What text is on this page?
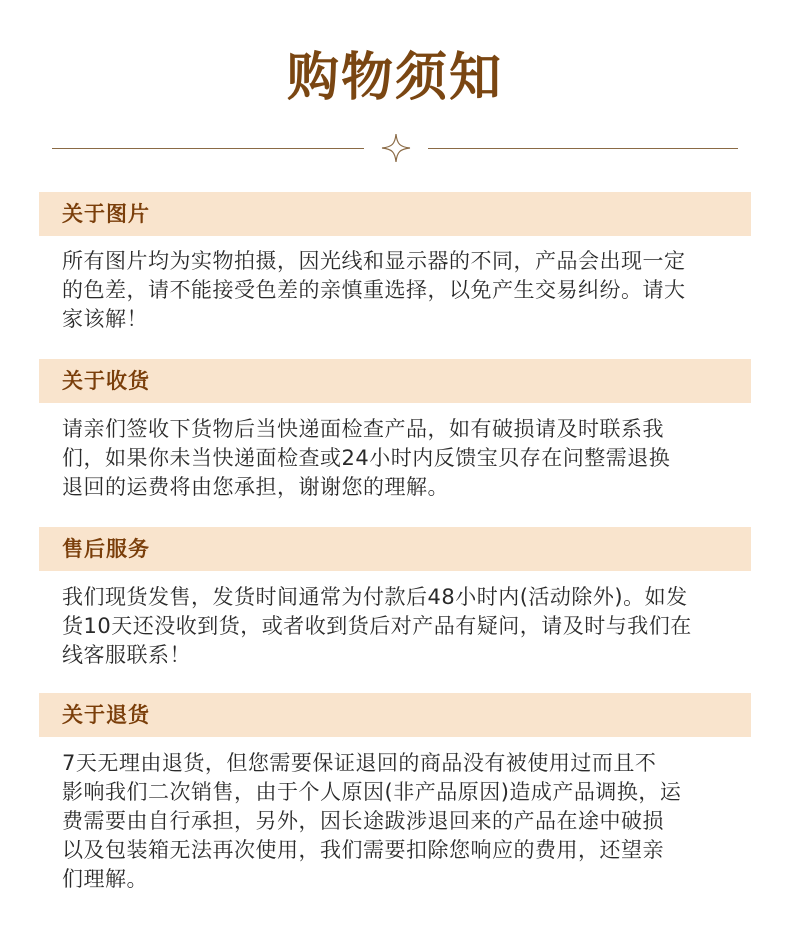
购物须知
关于图片
所有图片均为实物拍摄，因光线和显示器的不同，产品会出现一定
的色差，请不能接受色差的亲慎重选择，以免产生交易纠纷。请大
家该解！
关于收货
请亲们签收下货物后当快递面检查产品，如有破损请及时联系我
们，如果你未当快递面检查或24小时内反馈宝贝存在问整需退换
退回的运费将由您承担，谢谢您的理解。
售后服务
我们现货发售，发货时间通常为付款后48小时内(活动除外)。如发
货10天还没收到货，或者收到货后对产品有疑问，请及时与我们在
线客服联系！
关于退货
7天无理由退货，但您需要保证退回的商品没有被使用过而且不
影响我们二次销售，由于个人原因(非产品原因)造成产品调换，运
费需要由自行承担，另外，因长途跋涉退回来的产品在途中破损
以及包装箱无法再次使用，我们需要扣除您响应的费用，还望亲
们理解。
